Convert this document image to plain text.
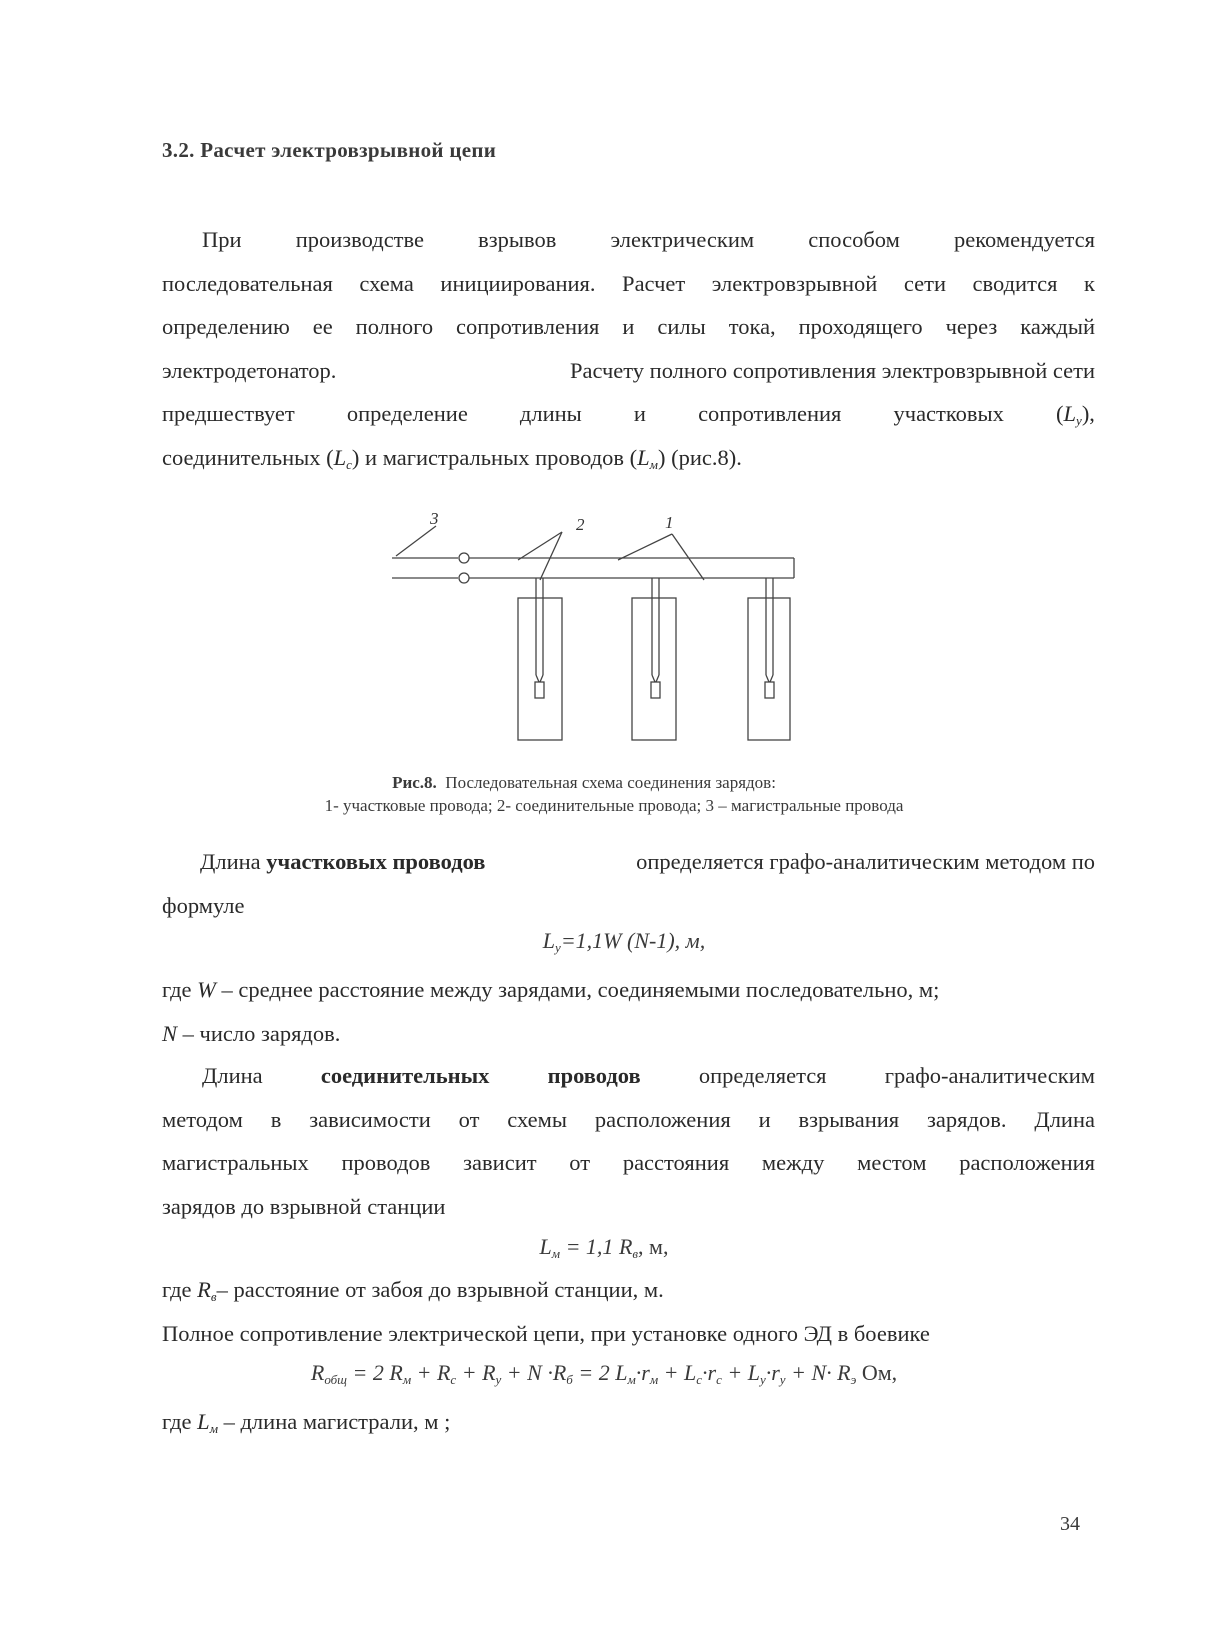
3.2. Расчет электровзрывной цепи
При производстве взрывов электрическим способом рекомендуется
последовательная схема инициирования. Расчет электровзрывной сети сводится к
определению ее полного сопротивления и силы тока, проходящего через каждый
электродетонатор.	Расчету полного сопротивления электровзрывной сети
предшествует определение длины и сопротивления участковых $(L_у)$,
соединительных $(L_с)$ и магистральных проводов $(L_м)$ (рис.8).
3	2	1
Рис.8. Последовательная схема соединения зарядов:
1- участковые провода; 2- соединительные провода; 3 – магистральные провода
Длина участковых проводов	определяется графо-аналитическим методом по
формуле
$L_у=1,1W$ (N-1), м,
где W – среднее расстояние между зарядами, соединяемыми последовательно, м;
N – число зарядов.
Длина	соединительных	проводов	определяется	графо-аналитическим
методом в зависимости от схемы расположения и взрывания зарядов. Длина
магистральных проводов зависит от расстояния между местом расположения
зарядов до взрывной станции
$L_м = 1,1$ $R_в$, м,
где $R_в-$ расстояние от забоя до взрывной станции, м.
Полное сопротивление электрической цепи, при установке одного ЭД в боевике
$R_{общ} = 2$ $R_м + R_с + R_у + N \cdot R_б = 2$ $L_м\cdot r_м + L_с\cdot r_с + L_у\cdot r_у + N\cdot R_э$ Ом,
где $L_м$ – длина магистрали, м ;
34
